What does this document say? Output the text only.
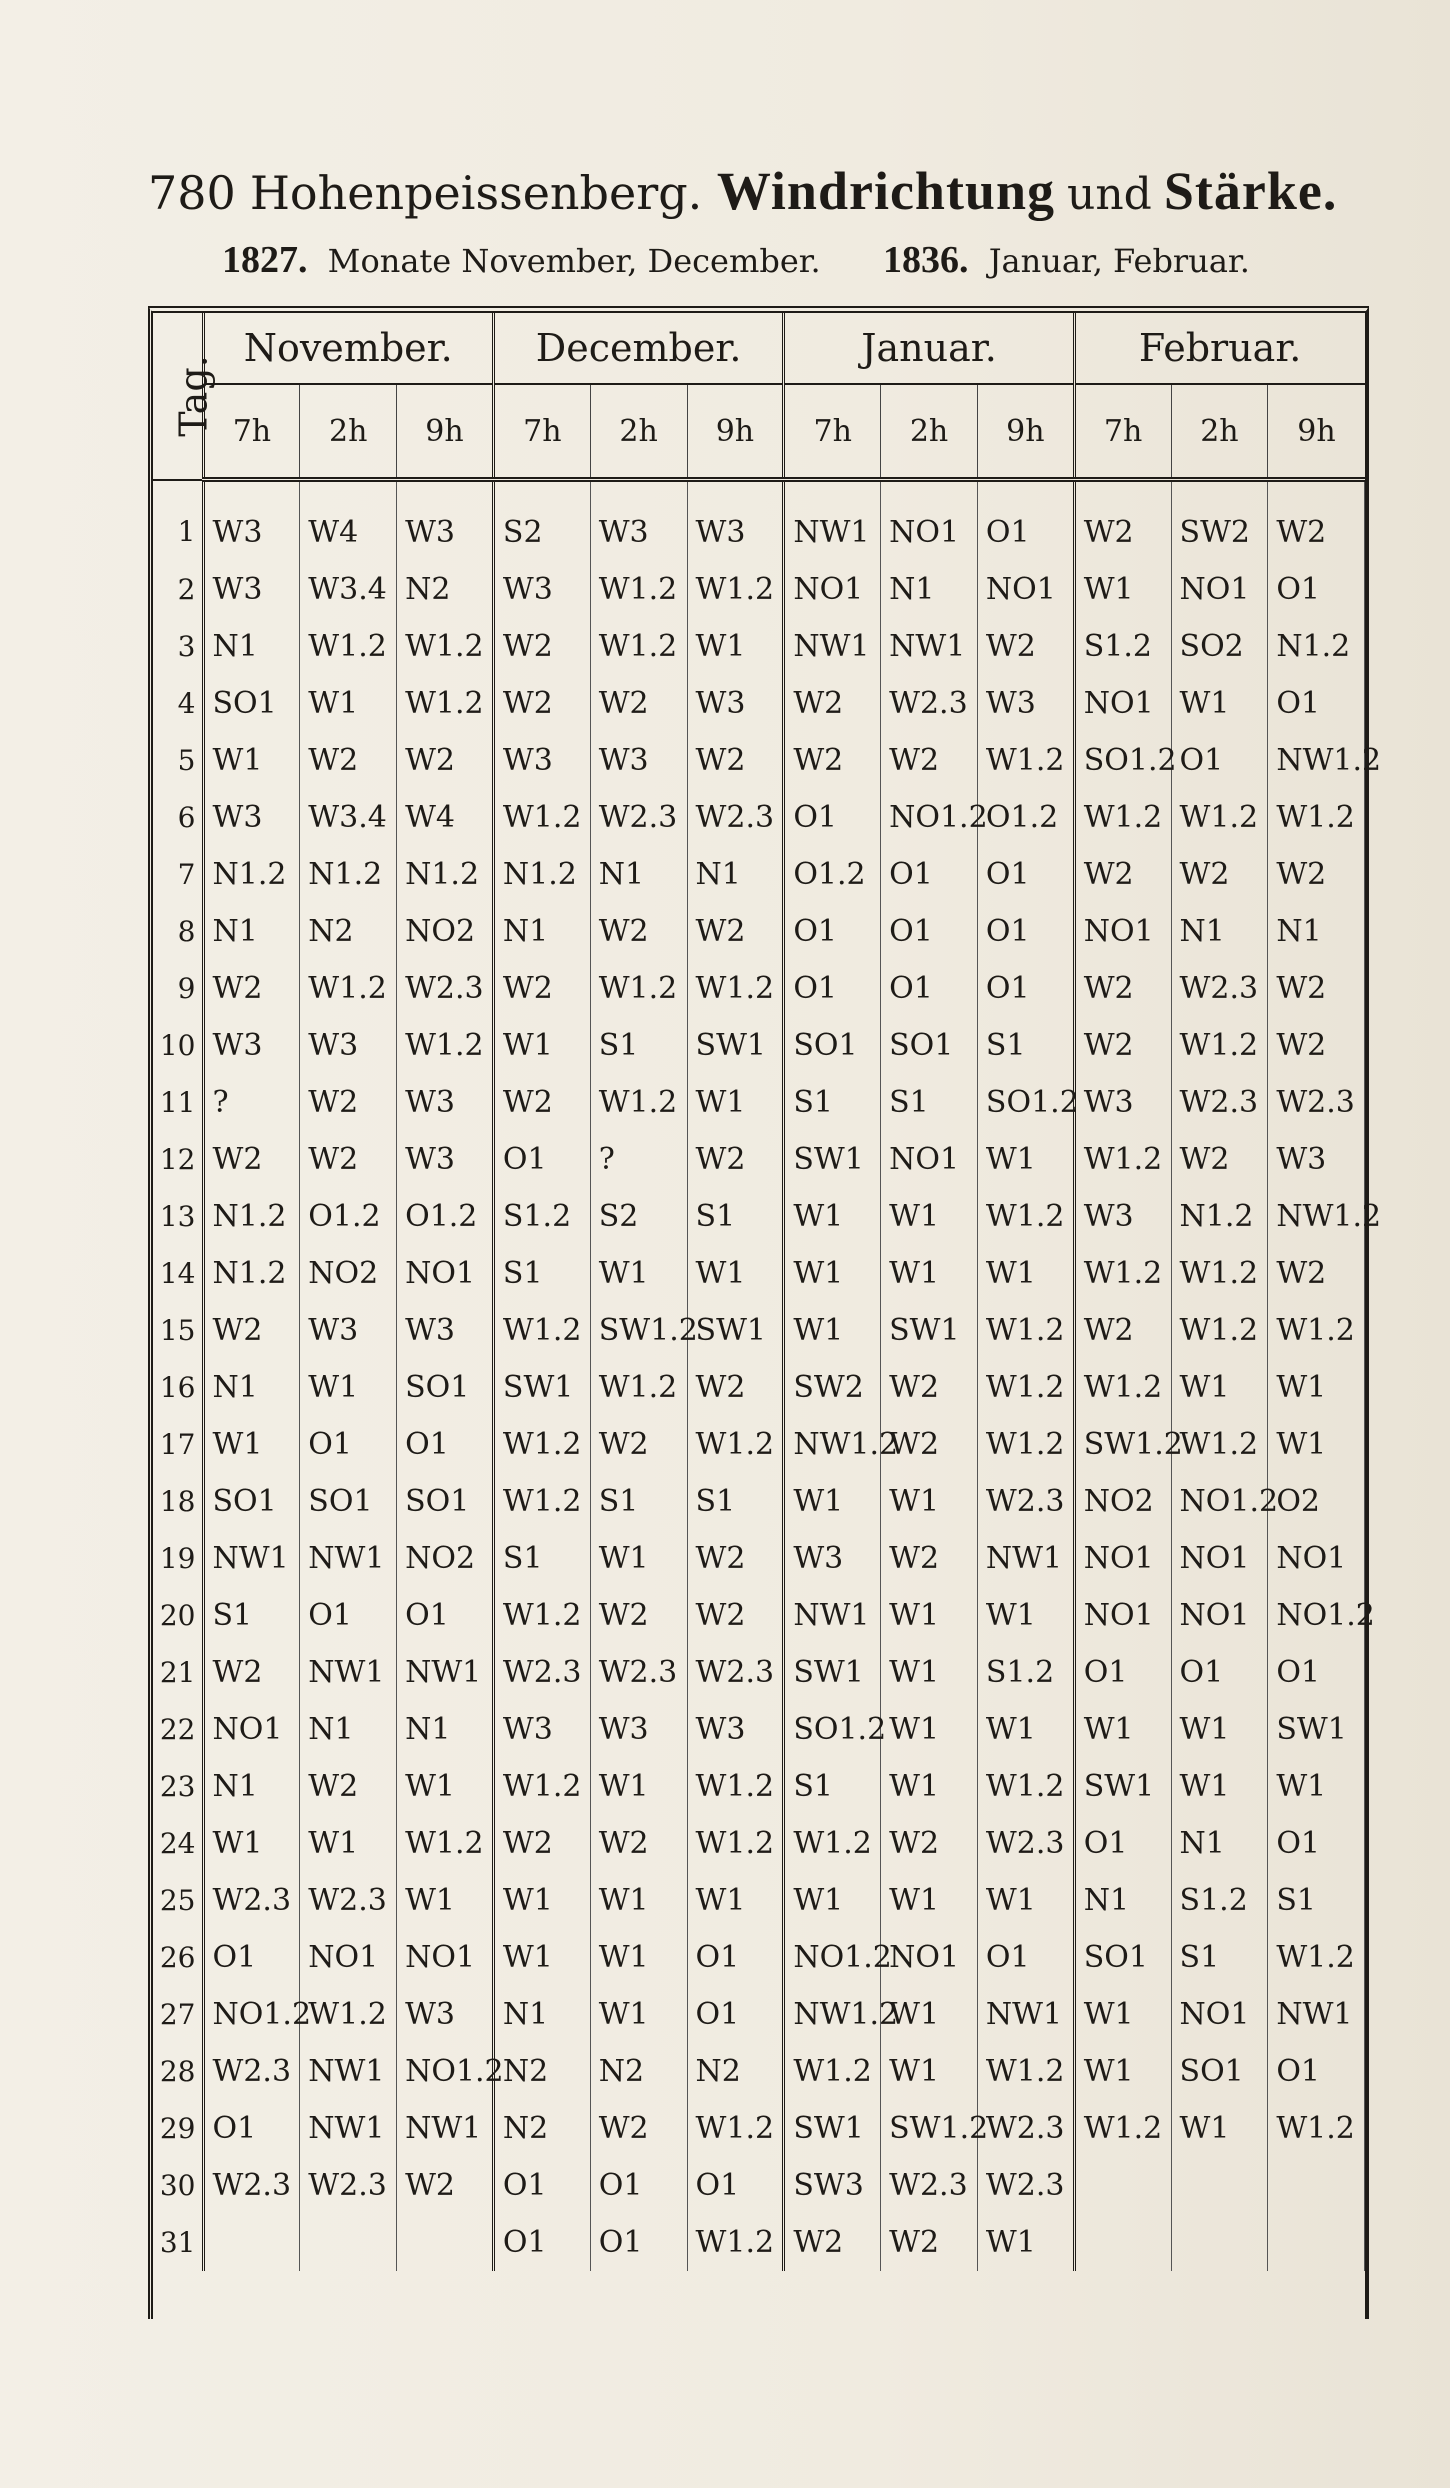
780 Hohenpeissenberg. Windrichtung und Stärke.
1827. Monate November, December. 1836. Januar, Februar.
Tag.	November.			December.			Januar.			Februar.		
	7h	2h	9h	7h	2h	9h	7h	2h	9h	7h	2h	9h
1	W3	W4	W3	S2	W3	W3	NW1	NO1	O1	W2	SW2	W2
2	W3	W3.4	N2	W3	W1.2	W1.2	NO1	N1	NO1	W1	NO1	O1
3	N1	W1.2	W1.2	W2	W1.2	W1	NW1	NW1	W2	S1.2	SO2	N1.2
4	SO1	W1	W1.2	W2	W2	W3	W2	W2.3	W3	NO1	W1	O1
5	W1	W2	W2	W3	W3	W2	W2	W2	W1.2	SO1.2	O1	NW1.2
6	W3	W3.4	W4	W1.2	W2.3	W2.3	O1	NO1.2	O1.2	W1.2	W1.2	W1.2
7	N1.2	N1.2	N1.2	N1.2	N1	N1	O1.2	O1	O1	W2	W2	W2
8	N1	N2	NO2	N1	W2	W2	O1	O1	O1	NO1	N1	N1
9	W2	W1.2	W2.3	W2	W1.2	W1.2	O1	O1	O1	W2	W2.3	W2
10	W3	W3	W1.2	W1	S1	SW1	SO1	SO1	S1	W2	W1.2	W2
11	?	W2	W3	W2	W1.2	W1	S1	S1	SO1.2	W3	W2.3	W2.3
12	W2	W2	W3	O1	?	W2	SW1	NO1	W1	W1.2	W2	W3
13	N1.2	O1.2	O1.2	S1.2	S2	S1	W1	W1	W1.2	W3	N1.2	NW1.2
14	N1.2	NO2	NO1	S1	W1	W1	W1	W1	W1	W1.2	W1.2	W2
15	W2	W3	W3	W1.2	SW1.2	SW1	W1	SW1	W1.2	W2	W1.2	W1.2
16	N1	W1	SO1	SW1	W1.2	W2	SW2	W2	W1.2	W1.2	W1	W1
17	W1	O1	O1	W1.2	W2	W1.2	NW1.2	W2	W1.2	SW1.2	W1.2	W1
18	SO1	SO1	SO1	W1.2	S1	S1	W1	W1	W2.3	NO2	NO1.2	O2
19	NW1	NW1	NO2	S1	W1	W2	W3	W2	NW1	NO1	NO1	NO1
20	S1	O1	O1	W1.2	W2	W2	NW1	W1	W1	NO1	NO1	NO1.2
21	W2	NW1	NW1	W2.3	W2.3	W2.3	SW1	W1	S1.2	O1	O1	O1
22	NO1	N1	N1	W3	W3	W3	SO1.2	W1	W1	W1	W1	SW1
23	N1	W2	W1	W1.2	W1	W1.2	S1	W1	W1.2	SW1	W1	W1
24	W1	W1	W1.2	W2	W2	W1.2	W1.2	W2	W2.3	O1	N1	O1
25	W2.3	W2.3	W1	W1	W1	W1	W1	W1	W1	N1	S1.2	S1
26	O1	NO1	NO1	W1	W1	O1	NO1.2	NO1	O1	SO1	S1	W1.2
27	NO1.2	W1.2	W3	N1	W1	O1	NW1.2	W1	NW1	W1	NO1	NW1
28	W2.3	NW1	NO1.2	N2	N2	N2	W1.2	W1	W1.2	W1	SO1	O1
29	O1	NW1	NW1	N2	W2	W1.2	SW1	SW1.2	W2.3	W1.2	W1	W1.2
30	W2.3	W2.3	W2	O1	O1	O1	SW3	W2.3	W2.3			
31				O1	O1	W1.2	W2	W2	W1			
